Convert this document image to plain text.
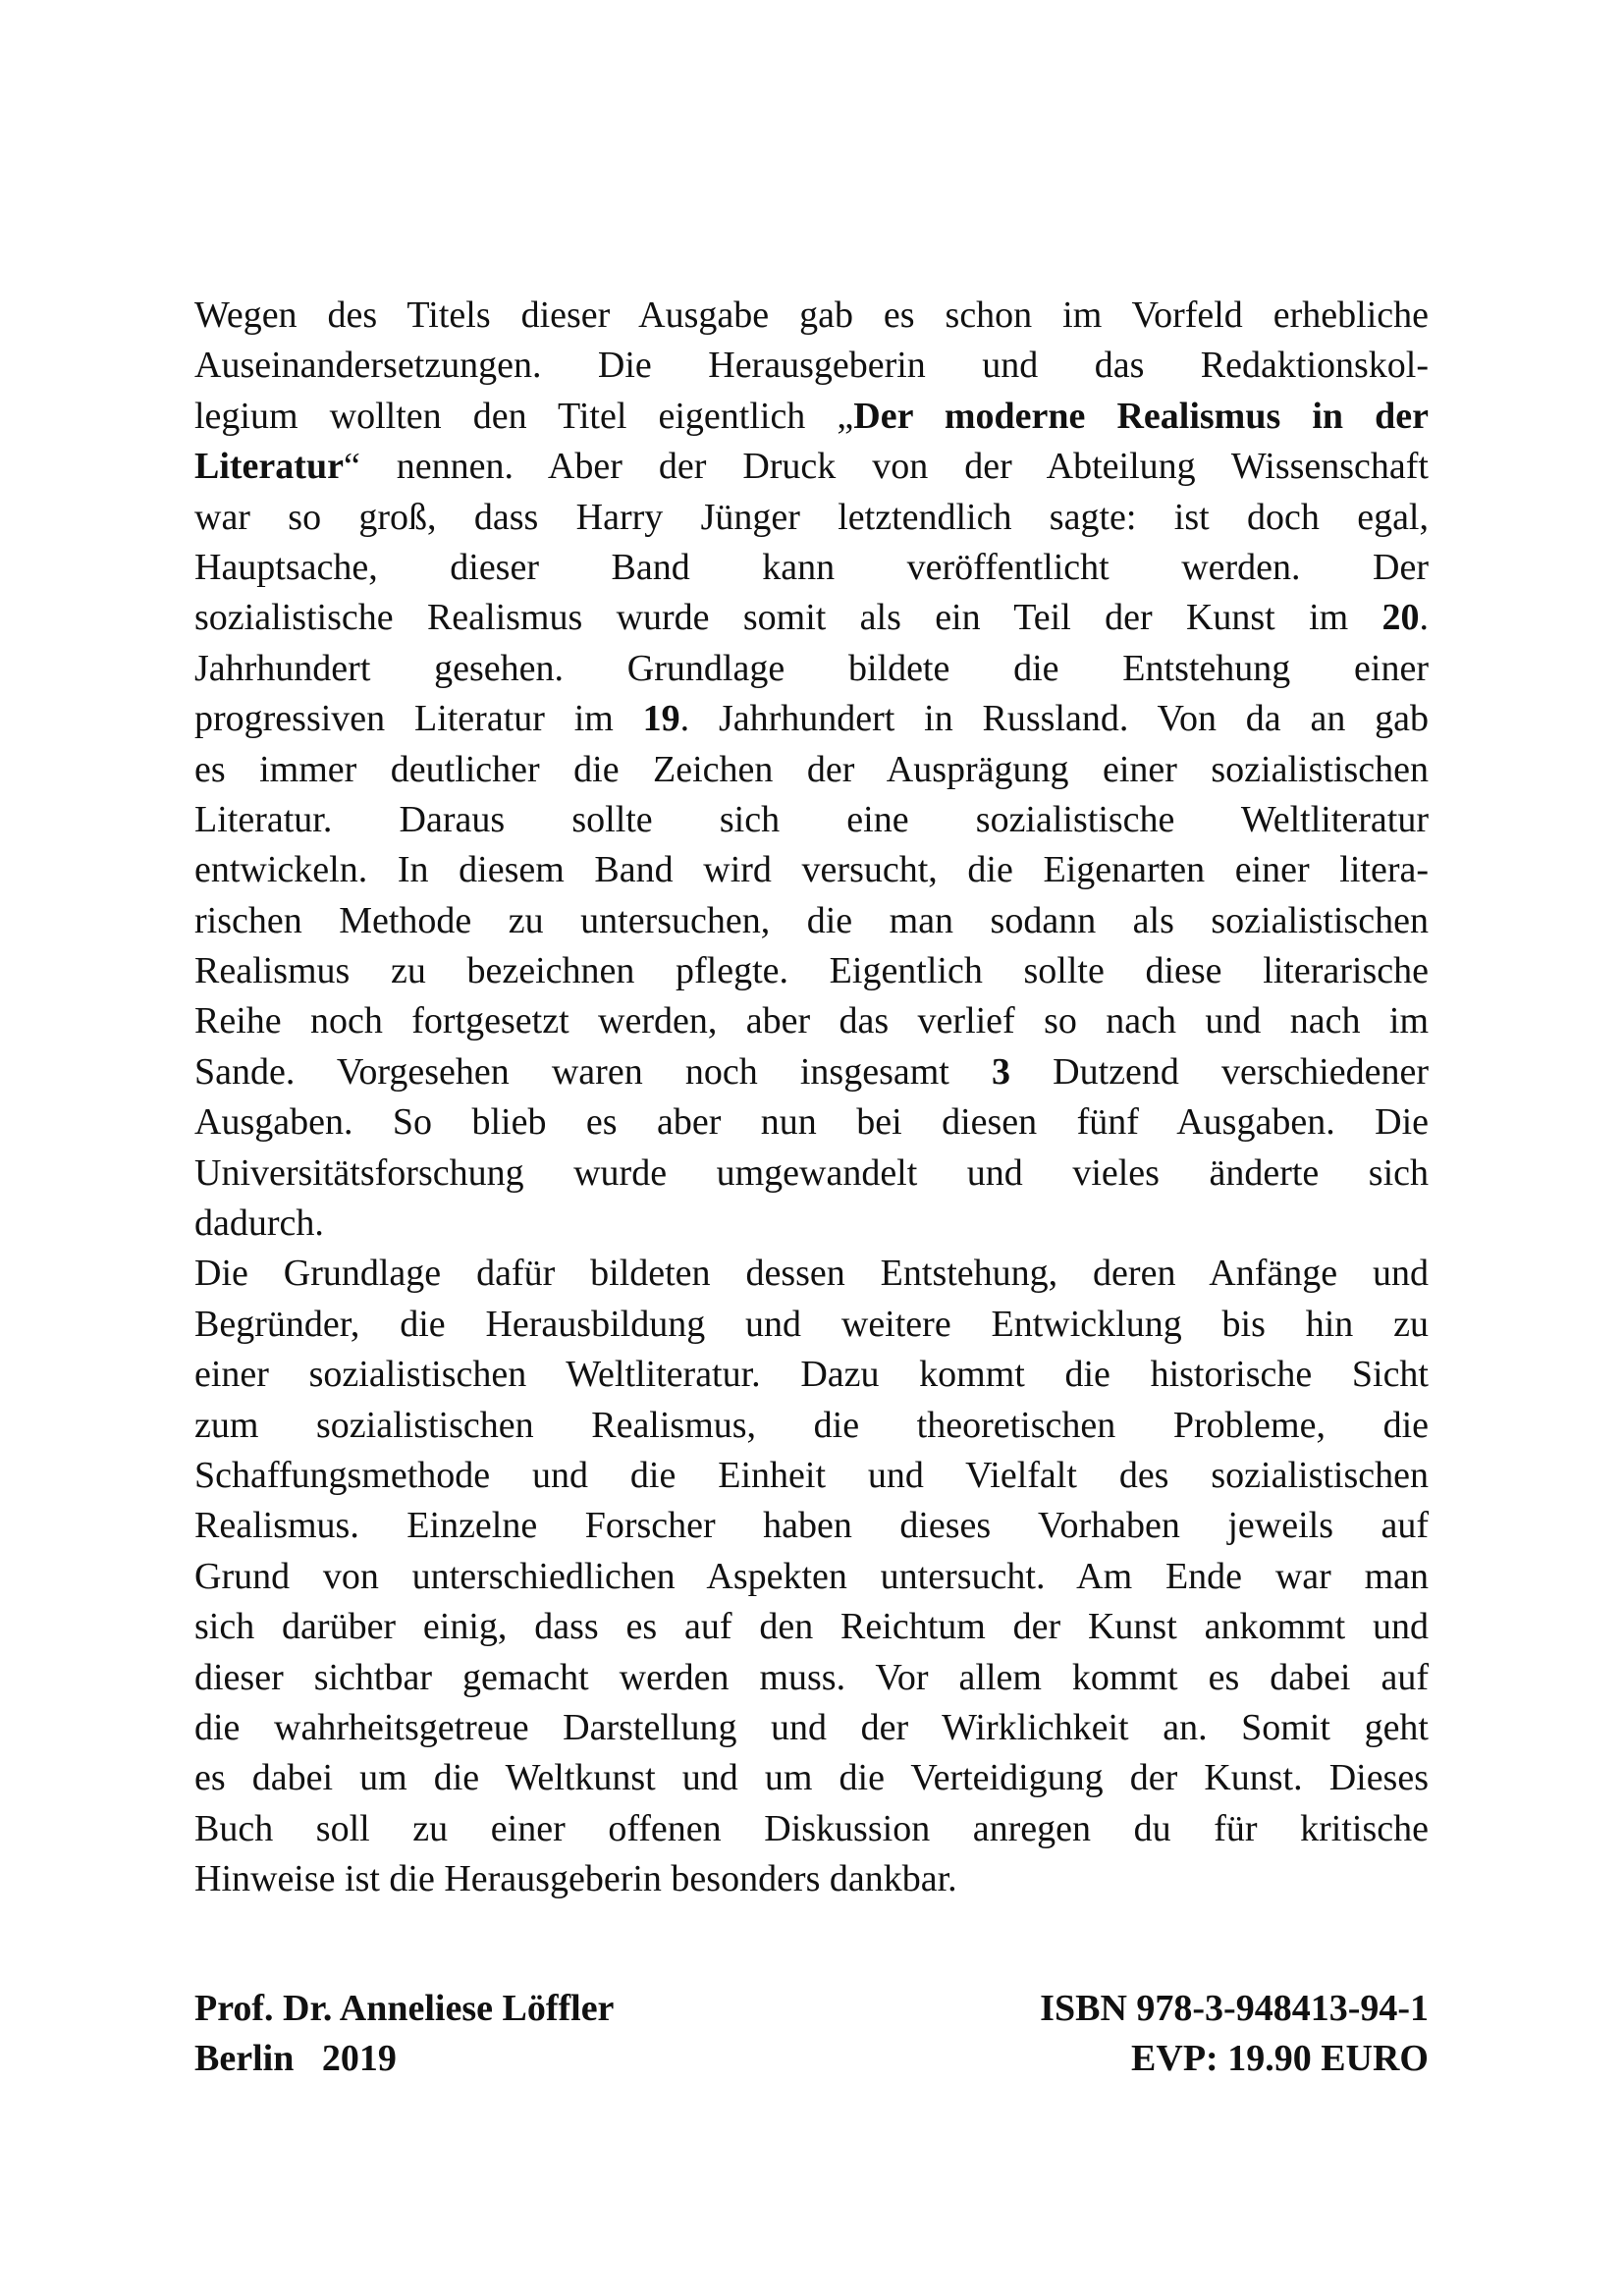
Wegen des Titels dieser Ausgabe gab es schon im Vorfeld erhebliche
Auseinandersetzungen. Die Herausgeberin und das Redaktionskol-
legium wollten den Titel eigentlich „Der moderne Realismus in der
Literatur“ nennen. Aber der Druck von der Abteilung Wissenschaft
war so groß, dass Harry Jünger letztendlich sagte: ist doch egal,
Hauptsache, dieser Band kann veröffentlicht werden. Der
sozialistische Realismus wurde somit als ein Teil der Kunst im 20.
Jahrhundert gesehen. Grundlage bildete die Entstehung einer
progressiven Literatur im 19. Jahrhundert in Russland. Von da an gab
es immer deutlicher die Zeichen der Ausprägung einer sozialistischen
Literatur. Daraus sollte sich eine sozialistische Weltliteratur
entwickeln. In diesem Band wird versucht, die Eigenarten einer litera-
rischen Methode zu untersuchen, die man sodann als sozialistischen
Realismus zu bezeichnen pflegte. Eigentlich sollte diese literarische
Reihe noch fortgesetzt werden, aber das verlief so nach und nach im
Sande. Vorgesehen waren noch insgesamt 3 Dutzend verschiedener
Ausgaben. So blieb es aber nun bei diesen fünf Ausgaben. Die
Universitätsforschung wurde umgewandelt und vieles änderte sich
dadurch.
Die Grundlage dafür bildeten dessen Entstehung, deren Anfänge und
Begründer, die Herausbildung und weitere Entwicklung bis hin zu
einer sozialistischen Weltliteratur. Dazu kommt die historische Sicht
zum sozialistischen Realismus, die theoretischen Probleme, die
Schaffungsmethode und die Einheit und Vielfalt des sozialistischen
Realismus. Einzelne Forscher haben dieses Vorhaben jeweils auf
Grund von unterschiedlichen Aspekten untersucht. Am Ende war man
sich darüber einig, dass es auf den Reichtum der Kunst ankommt und
dieser sichtbar gemacht werden muss. Vor allem kommt es dabei auf
die wahrheitsgetreue Darstellung und der Wirklichkeit an. Somit geht
es dabei um die Weltkunst und um die Verteidigung der Kunst. Dieses
Buch soll zu einer offenen Diskussion anregen du für kritische
Hinweise ist die Herausgeberin besonders dankbar.
Prof. Dr. Anneliese Löffler	ISBN 978-3-948413-94-1
Berlin   2019	EVP: 19.90 EURO
